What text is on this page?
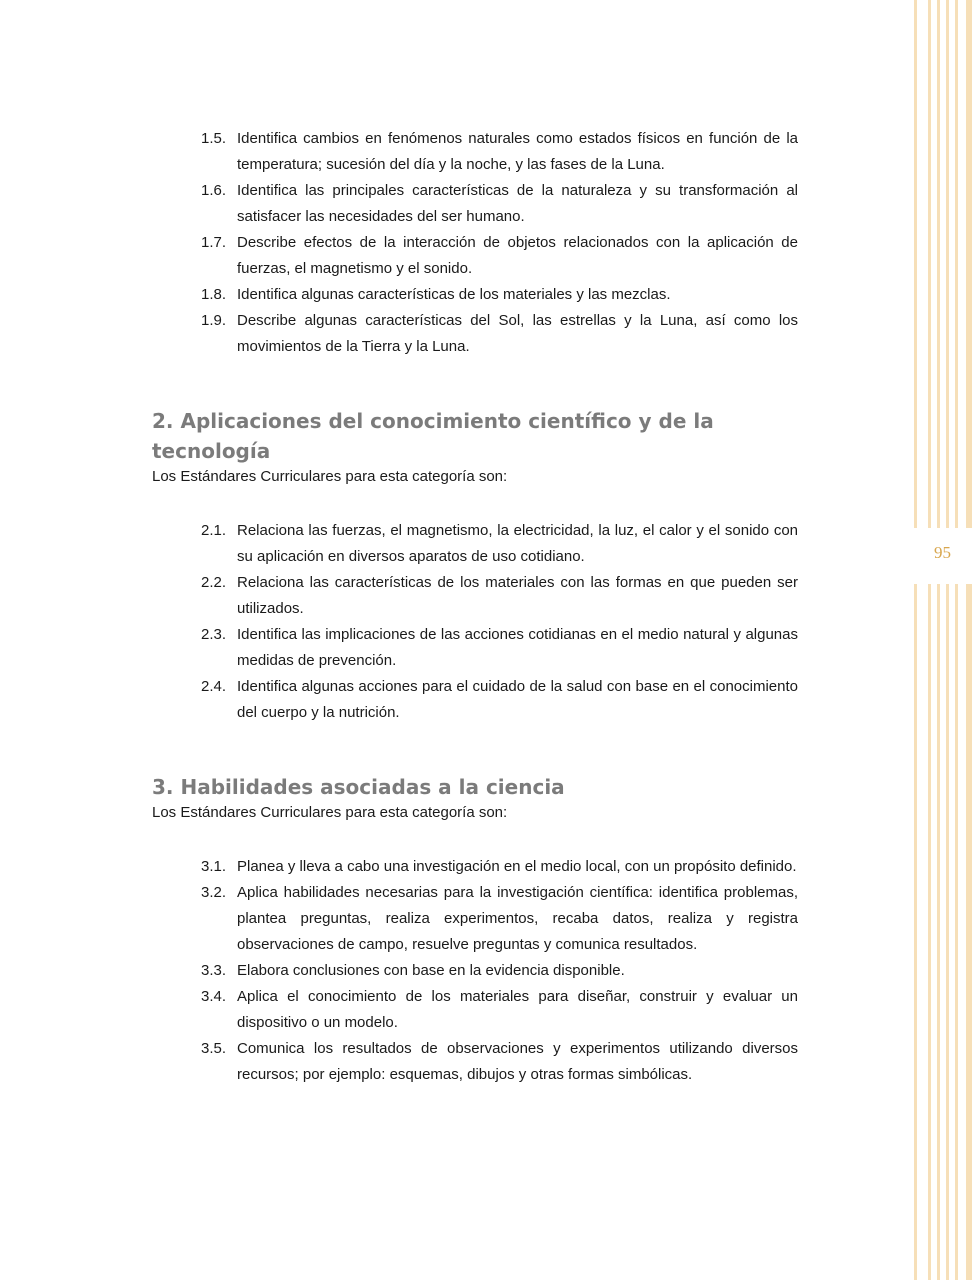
95
1.5. Identifica cambios en fenómenos naturales como estados físicos en función de la temperatura; sucesión del día y la noche, y las fases de la Luna.
1.6. Identifica las principales características de la naturaleza y su transformación al satisfacer las necesidades del ser humano.
1.7. Describe efectos de la interacción de objetos relacionados con la aplicación de fuerzas, el magnetismo y el sonido.
1.8. Identifica algunas características de los materiales y las mezclas.
1.9. Describe algunas características del Sol, las estrellas y la Luna, así como los movimientos de la Tierra y la Luna.
2. Aplicaciones del conocimiento científico y de la tecnología

Los Estándares Curriculares para esta categoría son:

2.1. Relaciona las fuerzas, el magnetismo, la electricidad, la luz, el calor y el sonido con su aplicación en diversos aparatos de uso cotidiano.
2.2. Relaciona las características de los materiales con las formas en que pueden ser utilizados.
2.3. Identifica las implicaciones de las acciones cotidianas en el medio natural y algunas medidas de prevención.
2.4. Identifica algunas acciones para el cuidado de la salud con base en el conocimiento del cuerpo y la nutrición.
3. Habilidades asociadas a la ciencia

Los Estándares Curriculares para esta categoría son:

3.1. Planea y lleva a cabo una investigación en el medio local, con un propósito definido.
3.2. Aplica habilidades necesarias para la investigación científica: identifica problemas, plantea preguntas, realiza experimentos, recaba datos, realiza y registra observaciones de campo, resuelve preguntas y comunica resultados.
3.3. Elabora conclusiones con base en la evidencia disponible.
3.4. Aplica el conocimiento de los materiales para diseñar, construir y evaluar un dispositivo o un modelo.
3.5. Comunica los resultados de observaciones y experimentos utilizando diversos recursos; por ejemplo: esquemas, dibujos y otras formas simbólicas.
